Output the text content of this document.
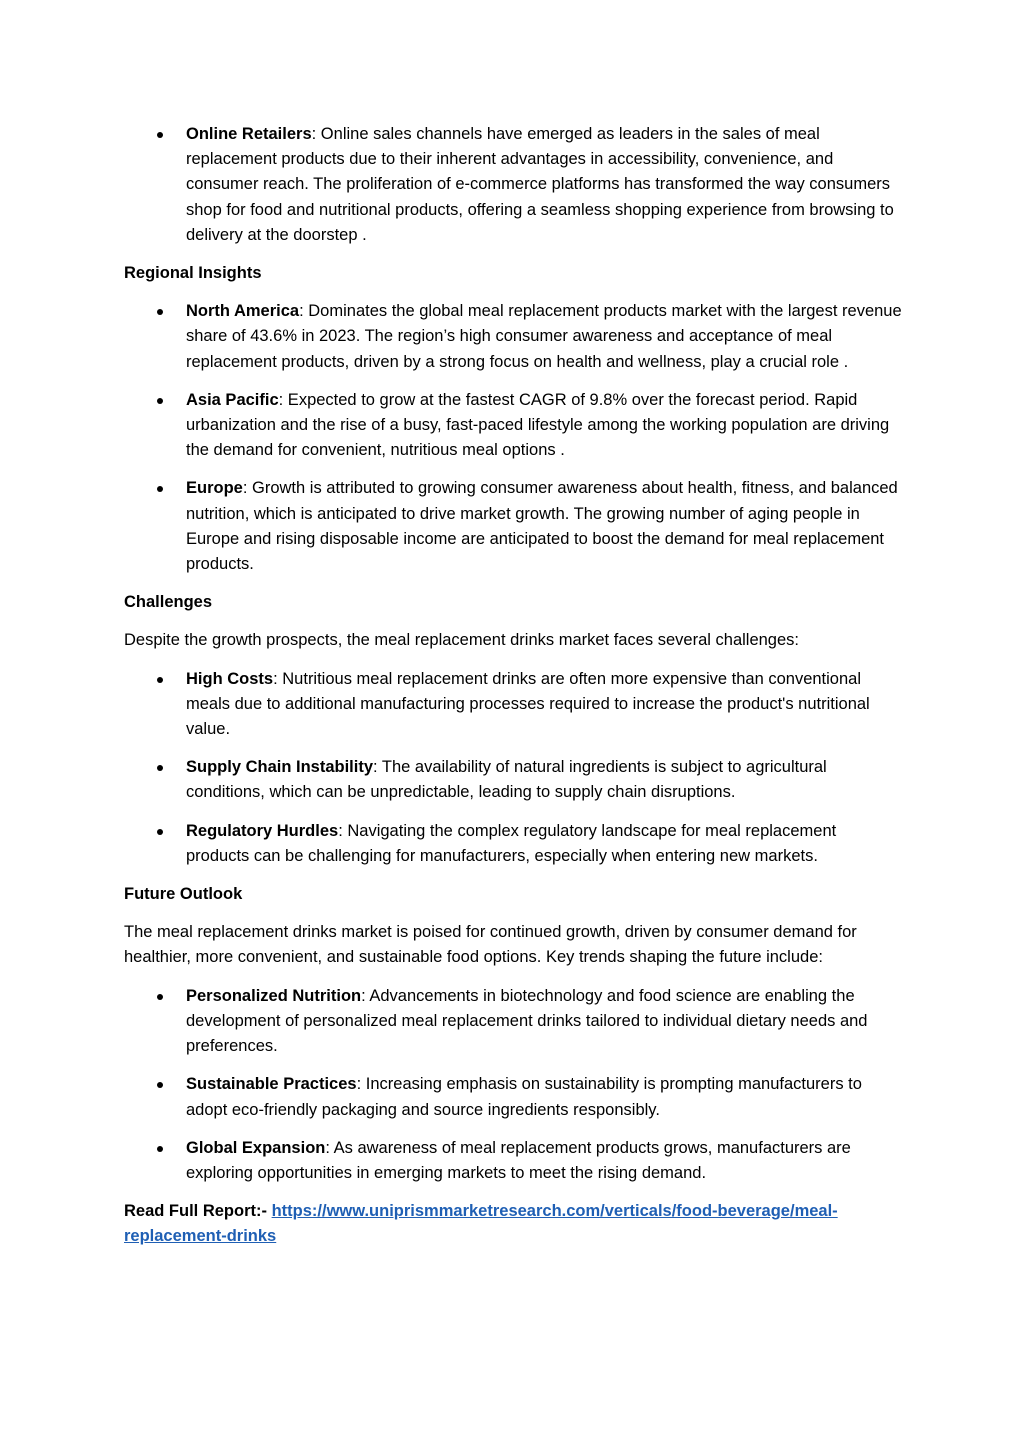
Online Retailers: Online sales channels have emerged as leaders in the sales of meal replacement products due to their inherent advantages in accessibility, convenience, and consumer reach. The proliferation of e-commerce platforms has transformed the way consumers shop for food and nutritional products, offering a seamless shopping experience from browsing to delivery at the doorstep .
Regional Insights
North America: Dominates the global meal replacement products market with the largest revenue share of 43.6% in 2023. The region’s high consumer awareness and acceptance of meal replacement products, driven by a strong focus on health and wellness, play a crucial role .
Asia Pacific: Expected to grow at the fastest CAGR of 9.8% over the forecast period. Rapid urbanization and the rise of a busy, fast-paced lifestyle among the working population are driving the demand for convenient, nutritious meal options .
Europe: Growth is attributed to growing consumer awareness about health, fitness, and balanced nutrition, which is anticipated to drive market growth. The growing number of aging people in Europe and rising disposable income are anticipated to boost the demand for meal replacement products.
Challenges
Despite the growth prospects, the meal replacement drinks market faces several challenges:
High Costs: Nutritious meal replacement drinks are often more expensive than conventional meals due to additional manufacturing processes required to increase the product's nutritional value.
Supply Chain Instability: The availability of natural ingredients is subject to agricultural conditions, which can be unpredictable, leading to supply chain disruptions.
Regulatory Hurdles: Navigating the complex regulatory landscape for meal replacement products can be challenging for manufacturers, especially when entering new markets.
Future Outlook
The meal replacement drinks market is poised for continued growth, driven by consumer demand for healthier, more convenient, and sustainable food options. Key trends shaping the future include:
Personalized Nutrition: Advancements in biotechnology and food science are enabling the development of personalized meal replacement drinks tailored to individual dietary needs and preferences.
Sustainable Practices: Increasing emphasis on sustainability is prompting manufacturers to adopt eco-friendly packaging and source ingredients responsibly.
Global Expansion: As awareness of meal replacement products grows, manufacturers are exploring opportunities in emerging markets to meet the rising demand.
Read Full Report:- https://www.uniprismmarketresearch.com/verticals/food-beverage/meal-replacement-drinks
